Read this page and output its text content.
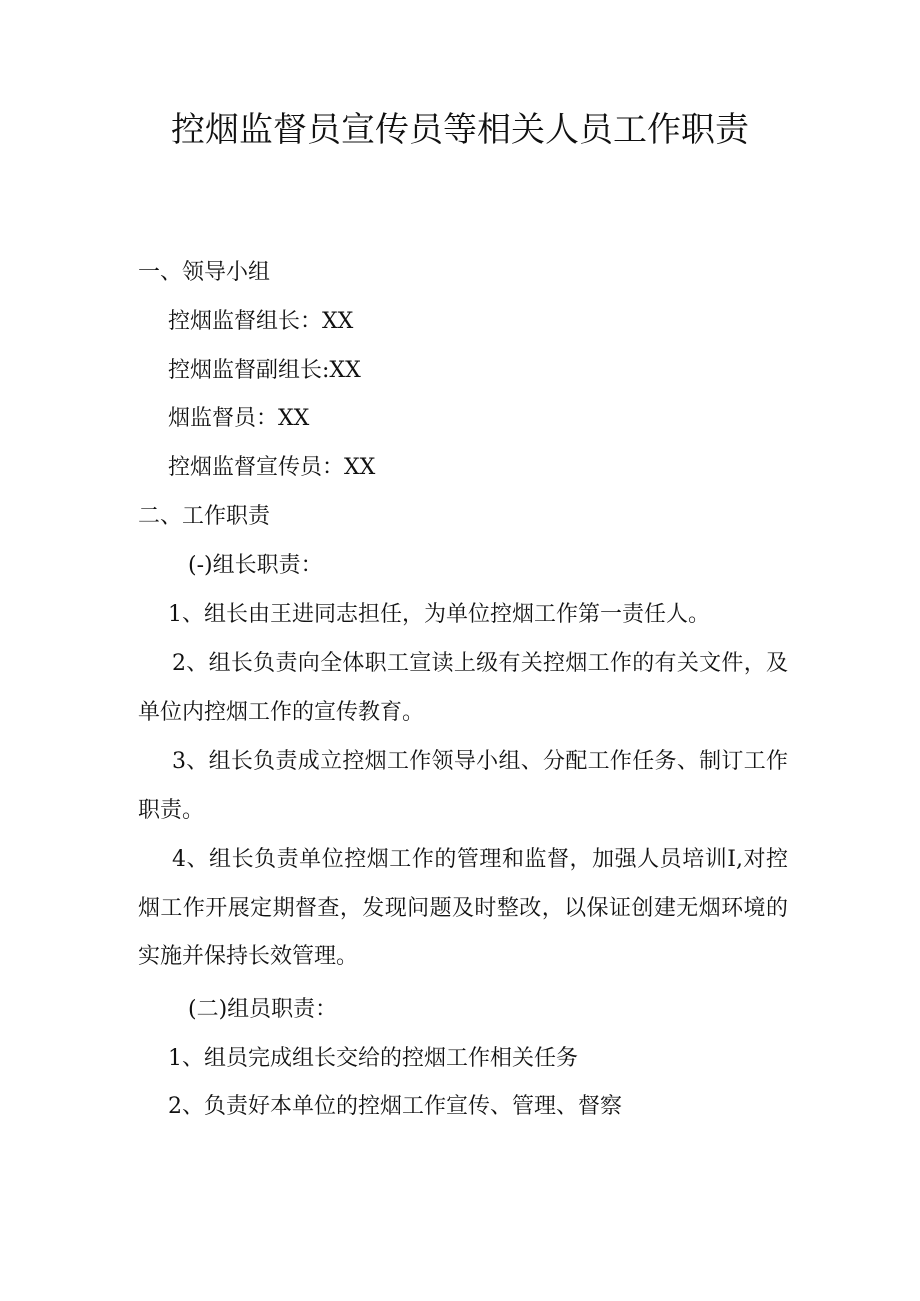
控烟监督员宣传员等相关人员工作职责
一、领导小组
控烟监督组长：XX
控烟监督副组长:XX
烟监督员：XX
控烟监督宣传员：XX
二、工作职责
(-)组长职责：
1、组长由王进同志担任，为单位控烟工作第一责任人。
2、组长负责向全体职工宣读上级有关控烟工作的有关文件，及单位内控烟工作的宣传教育。
3、组长负责成立控烟工作领导小组、分配工作任务、制订工作职责。
4、组长负责单位控烟工作的管理和监督，加强人员培训I,对控烟工作开展定期督查，发现问题及时整改，以保证创建无烟环境的实施并保持长效管理。
(二)组员职责：
1、组员完成组长交给的控烟工作相关任务
2、负责好本单位的控烟工作宣传、管理、督察
